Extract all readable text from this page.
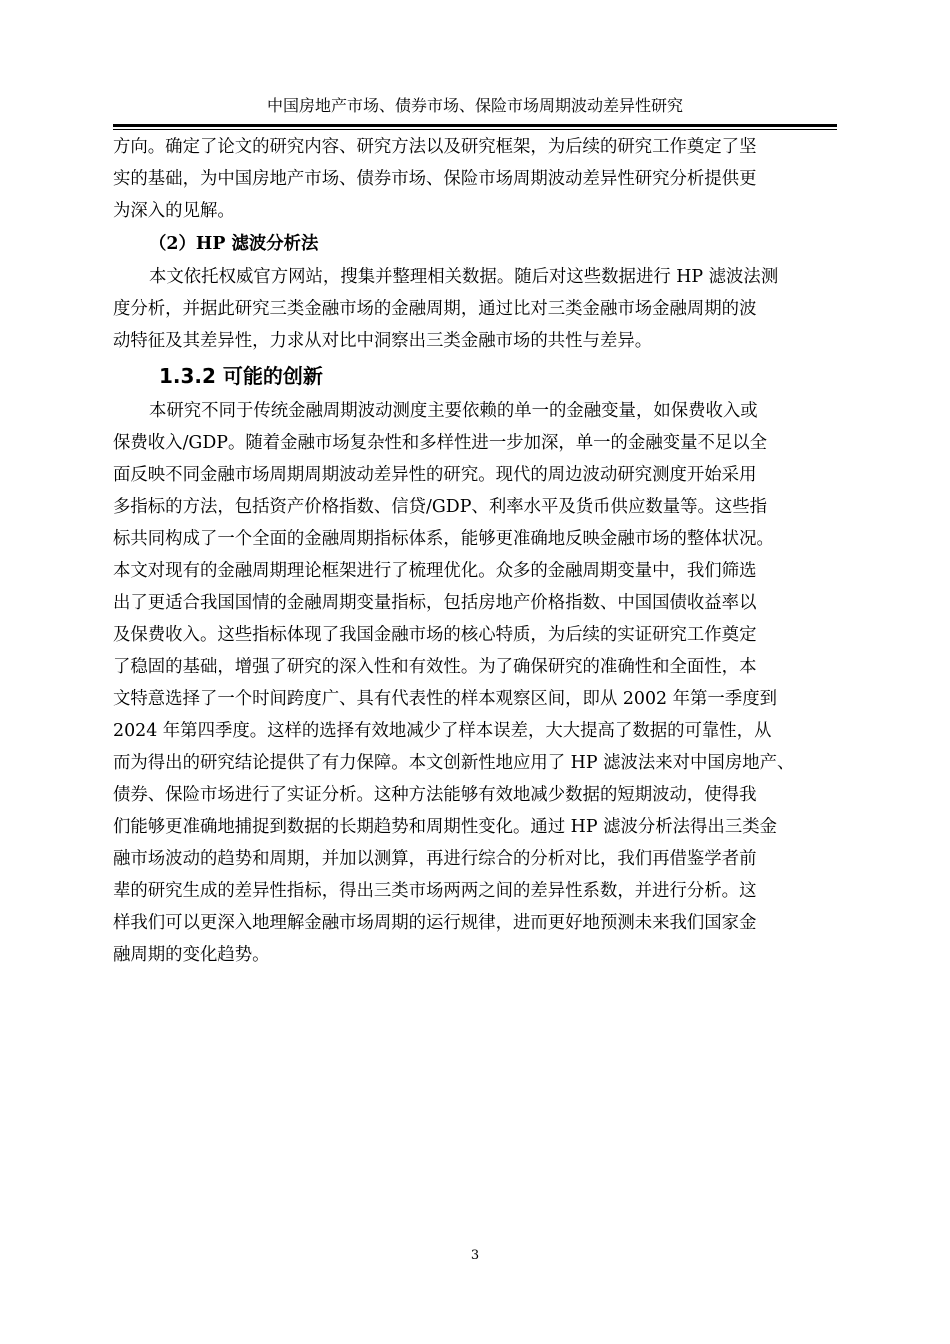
中国房地产市场、债券市场、保险市场周期波动差异性研究
方向。确定了论文的研究内容、研究方法以及研究框架，为后续的研究工作奠定了坚
实的基础，为中国房地产市场、债券市场、保险市场周期波动差异性研究分析提供更
为深入的见解。
（2）HP 滤波分析法
本文依托权威官方网站，搜集并整理相关数据。随后对这些数据进行 HP 滤波法测
度分析，并据此研究三类金融市场的金融周期，通过比对三类金融市场金融周期的波
动特征及其差异性，力求从对比中洞察出三类金融市场的共性与差异。
1.3.2 可能的创新
本研究不同于传统金融周期波动测度主要依赖的单一的金融变量，如保费收入或
保费收入/GDP。随着金融市场复杂性和多样性进一步加深，单一的金融变量不足以全
面反映不同金融市场周期周期波动差异性的研究。现代的周边波动研究测度开始采用
多指标的方法，包括资产价格指数、信贷/GDP、利率水平及货币供应数量等。这些指
标共同构成了一个全面的金融周期指标体系，能够更准确地反映金融市场的整体状况。
本文对现有的金融周期理论框架进行了梳理优化。众多的金融周期变量中，我们筛选
出了更适合我国国情的金融周期变量指标，包括房地产价格指数、中国国债收益率以
及保费收入。这些指标体现了我国金融市场的核心特质，为后续的实证研究工作奠定
了稳固的基础，增强了研究的深入性和有效性。为了确保研究的准确性和全面性，本
文特意选择了一个时间跨度广、具有代表性的样本观察区间，即从 2002 年第一季度到
2024 年第四季度。这样的选择有效地减少了样本误差，大大提高了数据的可靠性，从
而为得出的研究结论提供了有力保障。本文创新性地应用了 HP 滤波法来对中国房地产、
债券、保险市场进行了实证分析。这种方法能够有效地减少数据的短期波动，使得我
们能够更准确地捕捉到数据的长期趋势和周期性变化。通过 HP 滤波分析法得出三类金
融市场波动的趋势和周期，并加以测算，再进行综合的分析对比，我们再借鉴学者前
辈的研究生成的差异性指标，得出三类市场两两之间的差异性系数，并进行分析。这
样我们可以更深入地理解金融市场周期的运行规律，进而更好地预测未来我们国家金
融周期的变化趋势。
3
